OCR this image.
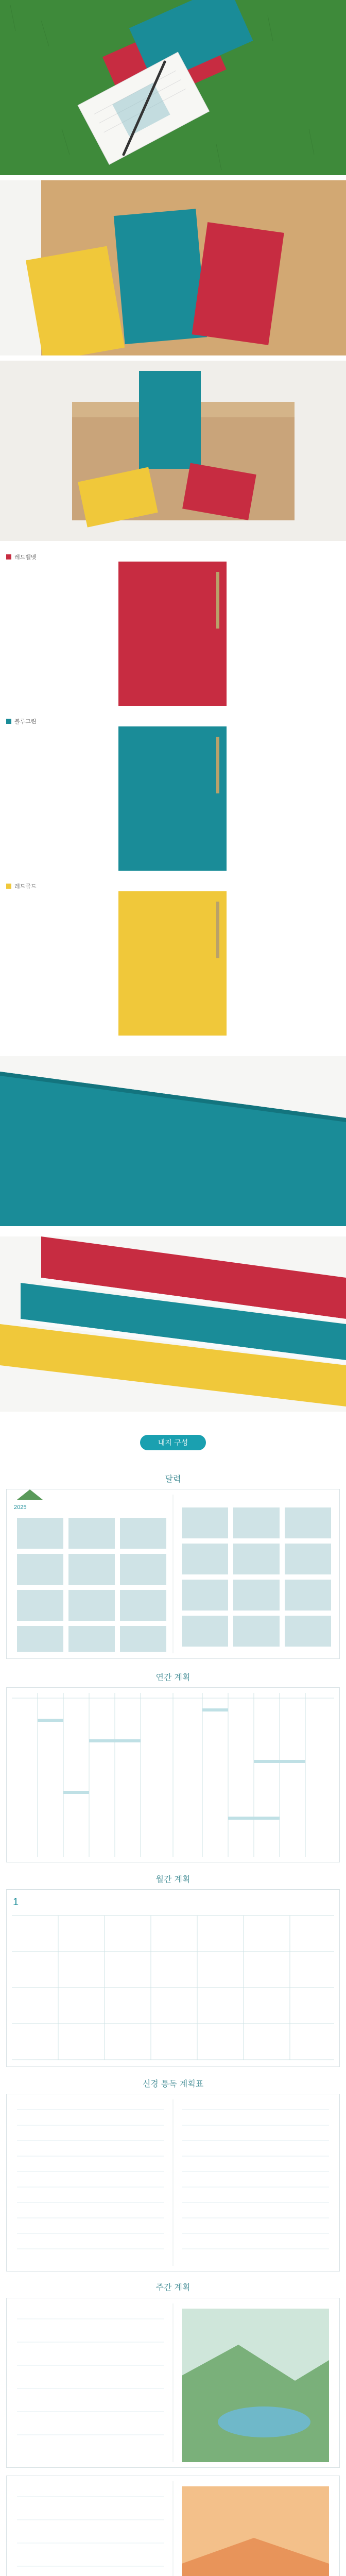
레드벨벳
블루그린
레드골드
내지 구성
달력
2025
연간 계획
월간 계획
1
신경 통독 계획표
주간 계획
